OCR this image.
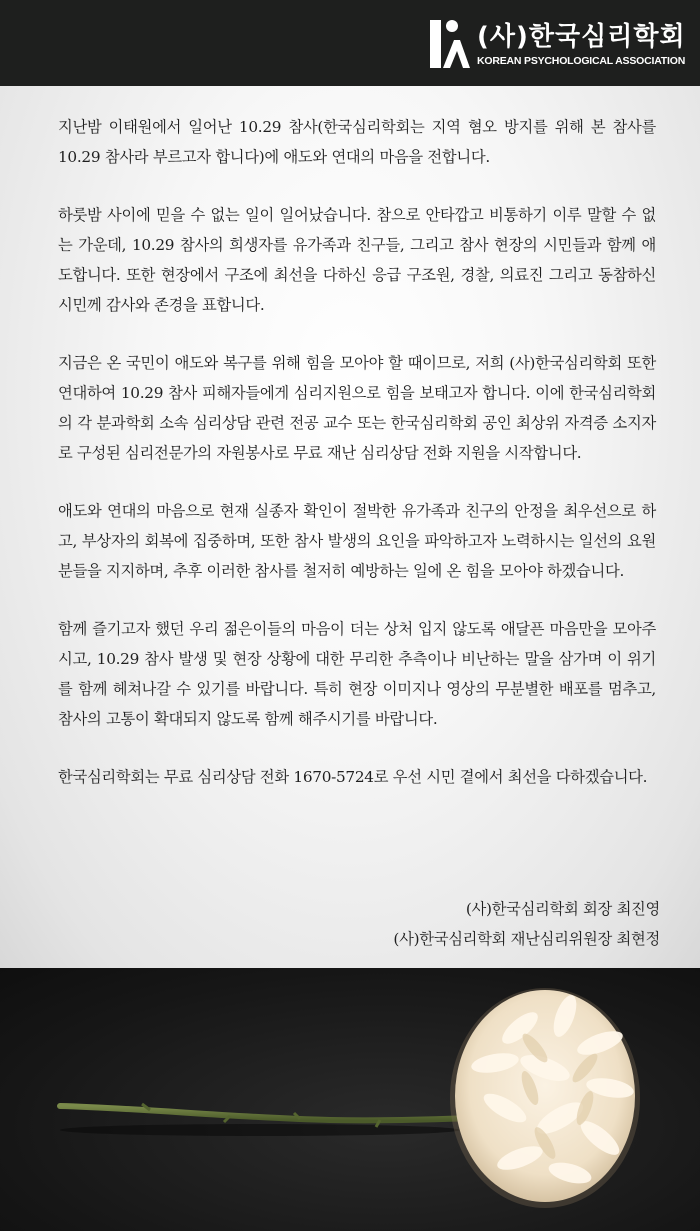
(사)한국심리학회
KOREAN PSYCHOLOGICAL ASSOCIATION

지난밤 이태원에서 일어난 10.29 참사(한국심리학회는 지역 혐오 방지를 위해 본 참사를 10.29 참사라 부르고자 합니다)에 애도와 연대의 마음을 전합니다.

하룻밤 사이에 믿을 수 없는 일이 일어났습니다. 참으로 안타깝고 비통하기 이루 말할 수 없는 가운데, 10.29 참사의 희생자를 유가족과 친구들, 그리고 참사 현장의 시민들과 함께 애도합니다. 또한 현장에서 구조에 최선을 다하신 응급 구조원, 경찰, 의료진 그리고 동참하신 시민께 감사와 존경을 표합니다.

지금은 온 국민이 애도와 복구를 위해 힘을 모아야 할 때이므로, 저희 (사)한국심리학회 또한 연대하여 10.29 참사 피해자들에게 심리지원으로 힘을 보태고자 합니다. 이에 한국심리학회의 각 분과학회 소속 심리상담 관련 전공 교수 또는 한국심리학회 공인 최상위 자격증 소지자로 구성된 심리전문가의 자원봉사로 무료 재난 심리상담 전화 지원을 시작합니다.

애도와 연대의 마음으로 현재 실종자 확인이 절박한 유가족과 친구의 안정을 최우선으로 하고, 부상자의 회복에 집중하며, 또한 참사 발생의 요인을 파악하고자 노력하시는 일선의 요원분들을 지지하며, 추후 이러한 참사를 철저히 예방하는 일에 온 힘을 모아야 하겠습니다.

함께 즐기고자 했던 우리 젊은이들의 마음이 더는 상처 입지 않도록 애달픈 마음만을 모아주시고, 10.29 참사 발생 및 현장 상황에 대한 무리한 추측이나 비난하는 말을 삼가며 이 위기를 함께 헤쳐나갈 수 있기를 바랍니다. 특히 현장 이미지나 영상의 무분별한 배포를 멈추고, 참사의 고통이 확대되지 않도록 함께 해주시기를 바랍니다.

한국심리학회는 무료 심리상담 전화 1670-5724로 우선 시민 곁에서 최선을 다하겠습니다.

(사)한국심리학회 회장 최진영
(사)한국심리학회 재난심리위원장 최현정
